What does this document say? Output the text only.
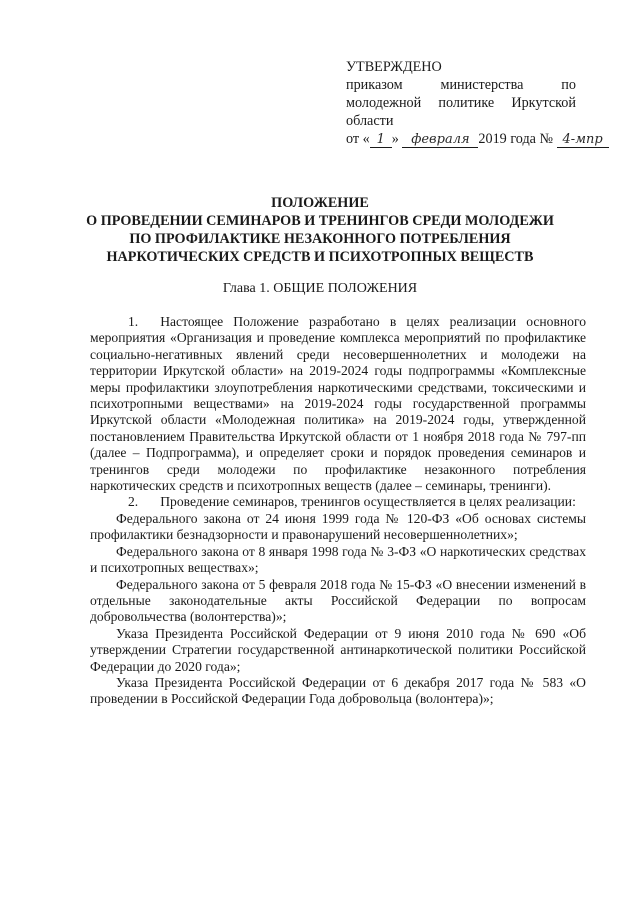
УТВЕРЖДЕНО
приказом министерства по
молодежной политике Иркутской
области
от « 1 » февраля 2019 года № 4-мпр
ПОЛОЖЕНИЕ
О ПРОВЕДЕНИИ СЕМИНАРОВ И ТРЕНИНГОВ СРЕДИ МОЛОДЕЖИ
ПО ПРОФИЛАКТИКЕ НЕЗАКОННОГО ПОТРЕБЛЕНИЯ
НАРКОТИЧЕСКИХ СРЕДСТВ И ПСИХОТРОПНЫХ ВЕЩЕСТВ
Глава 1. ОБЩИЕ ПОЛОЖЕНИЯ

1. Настоящее Положение разработано в целях реализации основного мероприятия «Организация и проведение комплекса мероприятий по профилактике социально-негативных явлений среди несовершеннолетних и молодежи на территории Иркутской области» на 2019-2024 годы подпрограммы «Комплексные меры профилактики злоупотребления наркотическими средствами, токсическими и психотропными веществами» на 2019-2024 годы государственной программы Иркутской области «Молодежная политика» на 2019-2024 годы, утвержденной постановлением Правительства Иркутской области от 1 ноября 2018 года № 797-пп (далее – Подпрограмма), и определяет сроки и порядок проведения семинаров и тренингов среди молодежи по профилактике незаконного потребления наркотических средств и психотропных веществ (далее – семинары, тренинги).

2. Проведение семинаров, тренингов осуществляется в целях реализации:

Федерального закона от 24 июня 1999 года № 120-ФЗ «Об основах системы профилактики безнадзорности и правонарушений несовершеннолетних»;

Федерального закона от 8 января 1998 года № 3-ФЗ «О наркотических средствах и психотропных веществах»;

Федерального закона от 5 февраля 2018 года № 15-ФЗ «О внесении изменений в отдельные законодательные акты Российской Федерации по вопросам добровольчества (волонтерства)»;

Указа Президента Российской Федерации от 9 июня 2010 года № 690 «Об утверждении Стратегии государственной антинаркотической политики Российской Федерации до 2020 года»;

Указа Президента Российской Федерации от 6 декабря 2017 года № 583 «О проведении в Российской Федерации Года добровольца (волонтера)»;
